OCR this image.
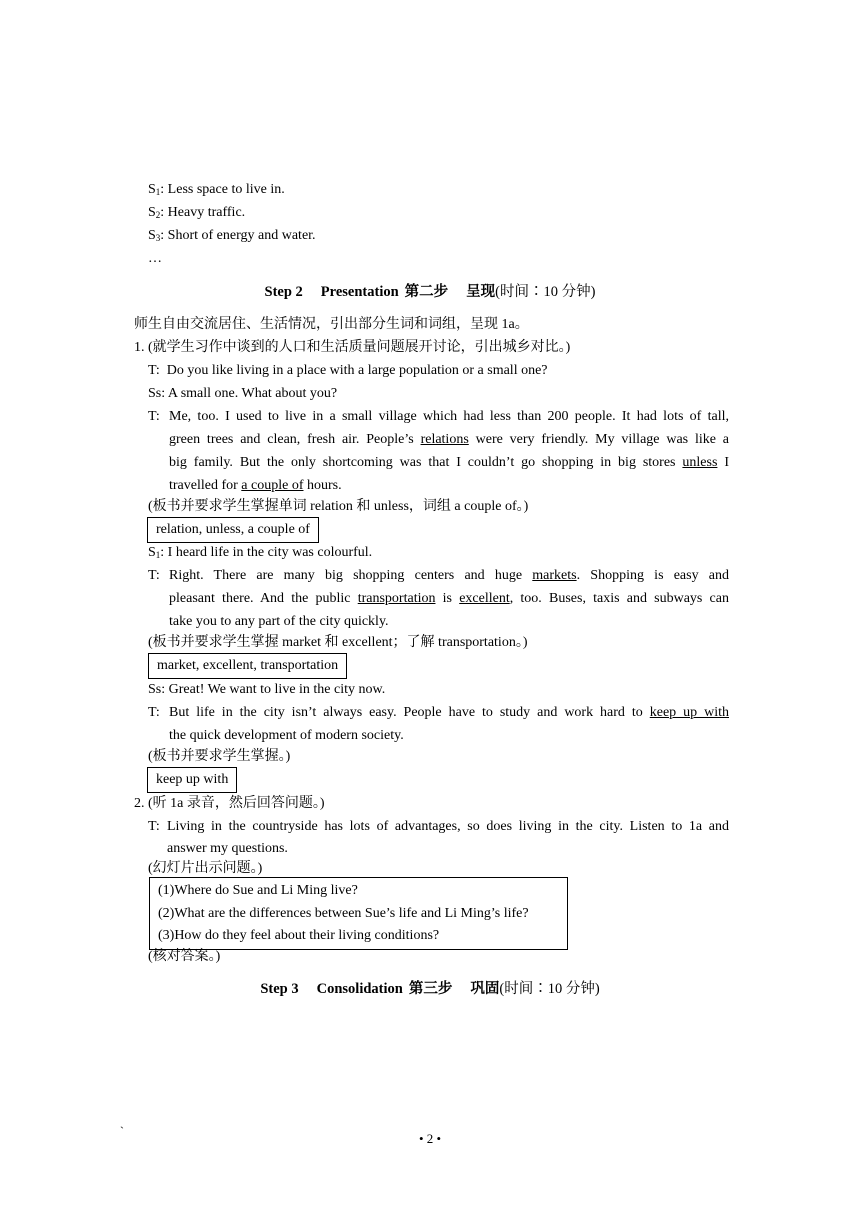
$S_1$: Less space to live in.
$S_2$: Heavy traffic.
$S_3$: Short of energy and water.
…
Step 2 Presentation 第二步 呈现(时间∶10 分钟)
师生自由交流居住、生活情况，引出部分生词和词组，呈现 1a。
1. (就学生习作中谈到的人口和生活质量问题展开讨论，引出城乡对比。)
T: Do you like living in a place with a large population or a small one?
Ss: A small one. What about you?
T: Me, too. I used to live in a small village which had less than 200 people. It had lots of tall,
green trees and clean, fresh air. People’s relations were very friendly. My village was like a
big family. But the only shortcoming was that I couldn’t go shopping in big stores unless I
travelled for a couple of hours.
(板书并要求学生掌握单词 relation 和 unless，词组 a couple of。)
relation, unless, a couple of
$S_1$: I heard life in the city was colourful.
T: Right. There are many big shopping centers and huge markets. Shopping is easy and
pleasant there. And the public transportation is excellent, too. Buses, taxis and subways can
take you to any part of the city quickly.
(板书并要求学生掌握 market 和 excellent；了解 transportation。)
market, excellent, transportation
Ss: Great! We want to live in the city now.
T: But life in the city isn’t always easy. People have to study and work hard to keep up with
the quick development of modern society.
(板书并要求学生掌握。)
keep up with
2. (听 1a 录音，然后回答问题。)
T: Living in the countryside has lots of advantages, so does living in the city. Listen to 1a and
answer my questions.
(幻灯片出示问题。)
(1)Where do Sue and Li Ming live?
(2)What are the differences between Sue’s life and Li Ming’s life?
(3)How do they feel about their living conditions?
(核对答案。)
Step 3 Consolidation 第三步 巩固(时间∶10 分钟)
`	• 2 •
